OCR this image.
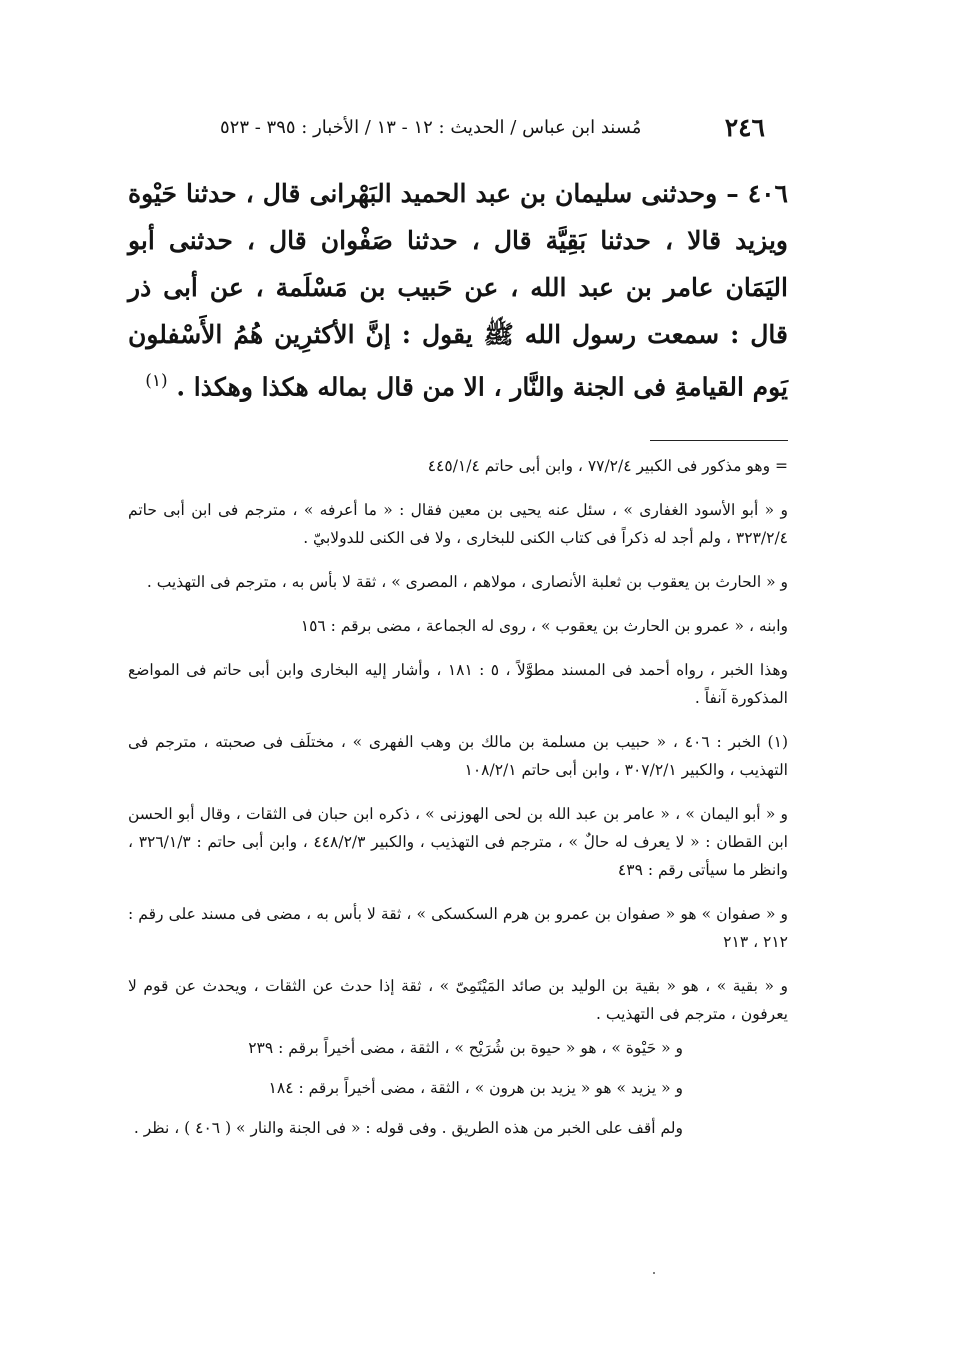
٢٤٦
مُسند ابن عباس / الحديث : ١٢ - ١٣ / الأخبار : ٣٩٥ - ٥٢٣

٤٠٦ – وحدثنى سليمان بن عبد الحميد البَهْرانى قال ، حدثنا حَيْوة ويزيد قالا ، حدثنا بَقِيَّة قال ، حدثنا صَفْوان قال ، حدثنى أبو اليَمَان عامر بن عبد الله ، عن حَبيب بن مَسْلَمة ، عن أبى ذر قال : سمعت رسول الله ﷺ يقول : إنَّ الأكثرِين هُمُ الأَسْفلون يَوم القيامةِ فى الجنة والنَّار ، الا من قال بماله هكذا وهكذا . $^{(١)}$

= وهو مذكور فى الكبير ٧٧/٢/٤ ، وابن أبى حاتم ٤٤٥/١/٤

و « أبو الأسود الغفارى » ، سئل عنه يحيى بن معين فقال : « ما أعرفه » ، مترجم فى ابن أبى حاتم ٣٢٣/٢/٤ ، ولم أجد له ذكراً فى كتاب الكنى للبخارى ، ولا فى الكنى للدولابيّ .

و « الحارث بن يعقوب بن ثعلبة الأنصارى ، مولاهم ، المصرى » ، ثقة لا بأس به ، مترجم فى التهذيب .

وابنه ، « عمرو بن الحارث بن يعقوب » ، روى له الجماعة ، مضى برقم : ١٥٦

وهذا الخبر ، رواه أحمد فى المسند مطوَّلاً ، ٥ : ١٨١ ، وأشار إليه البخارى وابن أبى حاتم فى المواضع المذكورة آنفاً .

(١) الخبر : ٤٠٦ ، « حبيب بن مسلمة بن مالك بن وهب الفهرى » ، مختلَف فى صحبته ، مترجم فى التهذيب ، والكبير ٣٠٧/٢/١ ، وابن أبى حاتم ١٠٨/٢/١

و « أبو اليمان » ، « عامر بن عبد الله بن لحى الهوزنى » ، ذكره ابن حبان فى الثقات ، وقال أبو الحسن ابن القطان : « لا يعرف له حالٌ » ، مترجم فى التهذيب ، والكبير ٤٤٨/٢/٣ ، وابن أبى حاتم : ٣٢٦/١/٣ ، وانظر ما سيأتى رقم : ٤٣٩

و « صفوان » هو « صفوان بن عمرو بن هرم السكسكى » ، ثقة لا بأس به ، مضى فى مسند على رقم : ٢١٢ ، ٢١٣

و « بقية » ، هو « بقية بن الوليد بن صائد المَيْتَمِىّ » ، ثقة إذا حدث عن الثقات ، ويحدث عن قوم لا يعرفون ، مترجم فى التهذيب .

و « حَيْوة » ، هو « حيوة بن شُرَيْح » ، الثقة ، مضى أخيراً برقم : ٢٣٩

و « يزيد » هو « يزيد بن هرون » ، الثقة ، مضى أخيراً برقم : ١٨٤

ولم أقف على الخبر من هذه الطريق . وفى قوله : « فى الجنة والنار » ( ٤٠٦ ) ، نظر .
